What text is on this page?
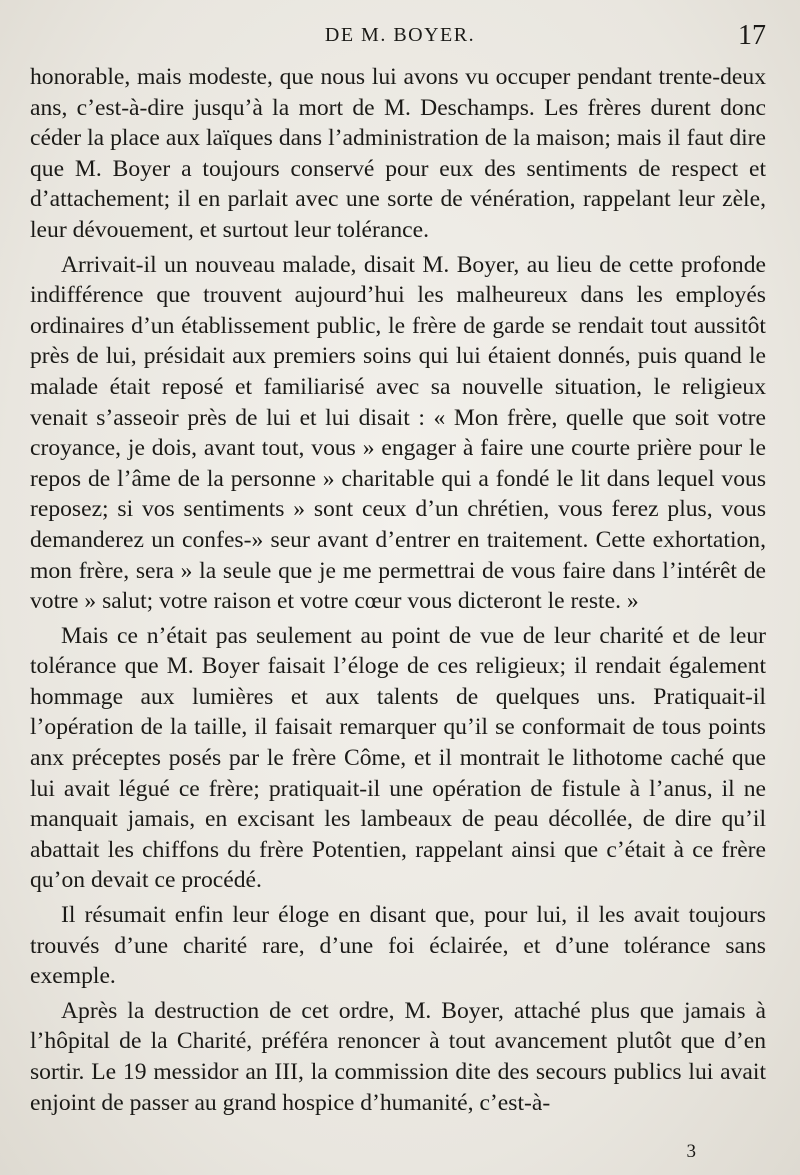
DE M. BOYER.	17

honorable, mais modeste, que nous lui avons vu occuper pendant trente-deux ans, c’est-à-dire jusqu’à la mort de M. Deschamps. Les frères durent donc céder la place aux laïques dans l’administration de la maison; mais il faut dire que M. Boyer a toujours conservé pour eux des sentiments de respect et d’attachement; il en parlait avec une sorte de vénération, rappelant leur zèle, leur dévouement, et surtout leur tolérance.

Arrivait-il un nouveau malade, disait M. Boyer, au lieu de cette profonde indifférence que trouvent aujourd’hui les malheureux dans les employés ordinaires d’un établissement public, le frère de garde se rendait tout aussitôt près de lui, présidait aux premiers soins qui lui étaient donnés, puis quand le malade était reposé et familiarisé avec sa nouvelle situation, le religieux venait s’asseoir près de lui et lui disait : « Mon frère, quelle que soit votre croyance, je dois, avant tout, vous » engager à faire une courte prière pour le repos de l’âme de la personne » charitable qui a fondé le lit dans lequel vous reposez; si vos sentiments » sont ceux d’un chrétien, vous ferez plus, vous demanderez un confes-» seur avant d’entrer en traitement. Cette exhortation, mon frère, sera » la seule que je me permettrai de vous faire dans l’intérêt de votre » salut; votre raison et votre cœur vous dicteront le reste. »

Mais ce n’était pas seulement au point de vue de leur charité et de leur tolérance que M. Boyer faisait l’éloge de ces religieux; il rendait également hommage aux lumières et aux talents de quelques uns. Pratiquait-il l’opération de la taille, il faisait remarquer qu’il se conformait de tous points anx préceptes posés par le frère Côme, et il montrait le lithotome caché que lui avait légué ce frère; pratiquait-il une opération de fistule à l’anus, il ne manquait jamais, en excisant les lambeaux de peau décollée, de dire qu’il abattait les chiffons du frère Potentien, rappelant ainsi que c’était à ce frère qu’on devait ce procédé.

Il résumait enfin leur éloge en disant que, pour lui, il les avait toujours trouvés d’une charité rare, d’une foi éclairée, et d’une tolérance sans exemple.

Après la destruction de cet ordre, M. Boyer, attaché plus que jamais à l’hôpital de la Charité, préféra renoncer à tout avancement plutôt que d’en sortir. Le 19 messidor an III, la commission dite des secours publics lui avait enjoint de passer au grand hospice d’humanité, c’est-à-

3
